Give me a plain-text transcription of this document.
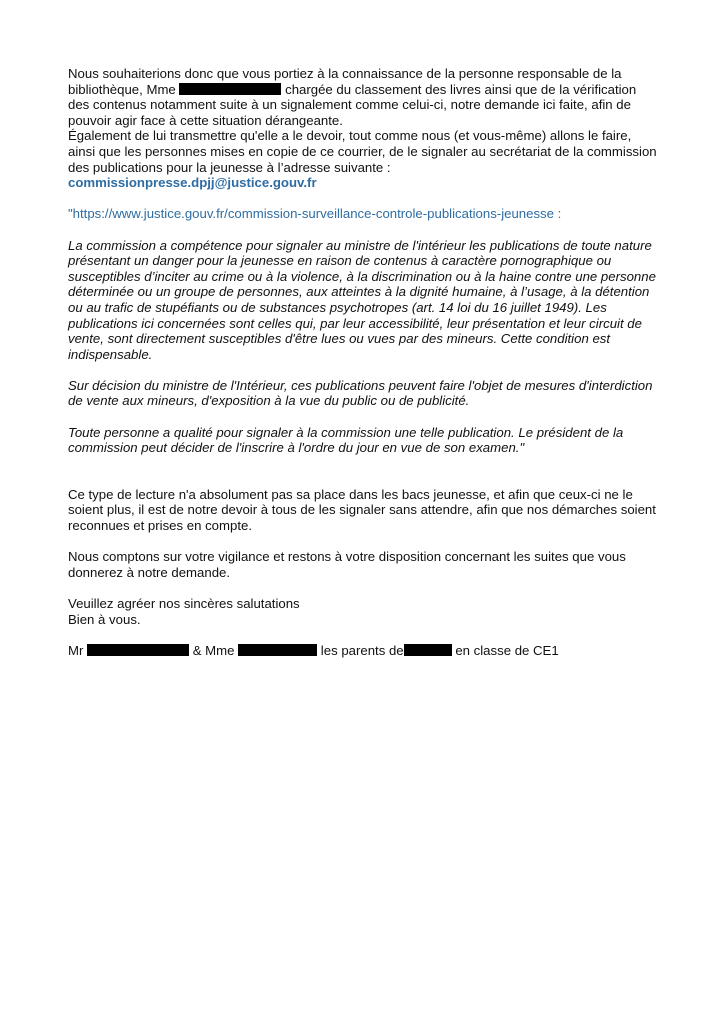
Nous souhaiterions donc que vous portiez à la connaissance de la personne responsable de la bibliothèque, Mme	chargée du classement des livres ainsi que de la vérification des contenus notamment suite à un signalement comme celui-ci, notre demande ici faite, afin de pouvoir agir face à cette situation dérangeante.

Également de lui transmettre qu'elle a le devoir, tout comme nous (et vous-même) allons le faire, ainsi que les personnes mises en copie de ce courrier, de le signaler au secrétariat de la commission des publications pour la jeunesse à l’adresse suivante :

commissionpresse.dpjj@justice.gouv.fr

"https://www.justice.gouv.fr/commission-surveillance-controle-publications-jeunesse :

La commission a compétence pour signaler au ministre de l'intérieur les publications de toute nature présentant un danger pour la jeunesse en raison de contenus à caractère pornographique ou susceptibles d’inciter au crime ou à la violence, à la discrimination ou à la haine contre une personne déterminée ou un groupe de personnes, aux atteintes à la dignité humaine, à l’usage, à la détention ou au trafic de stupéfiants ou de substances psychotropes (art. 14 loi du 16 juillet 1949). Les publications ici concernées sont celles qui, par leur accessibilité, leur présentation et leur circuit de vente, sont directement susceptibles d'être lues ou vues par des mineurs. Cette condition est indispensable.

Sur décision du ministre de l'Intérieur, ces publications peuvent faire l'objet de mesures d'interdiction de vente aux mineurs, d'exposition à la vue du public ou de publicité.

Toute personne a qualité pour signaler à la commission une telle publication. Le président de la commission peut décider de l'inscrire à l'ordre du jour en vue de son examen."

Ce type de lecture n'a absolument pas sa place dans les bacs jeunesse, et afin que ceux-ci ne le soient plus, il est de notre devoir à tous de les signaler sans attendre, afin que nos démarches soient reconnues et prises en compte.

Nous comptons sur votre vigilance et restons à votre disposition concernant les suites que vous donnerez à notre demande.

Veuillez agréer nos sincères salutations

Bien à vous.

Mr	& Mme	les parents de	en classe de CE1
